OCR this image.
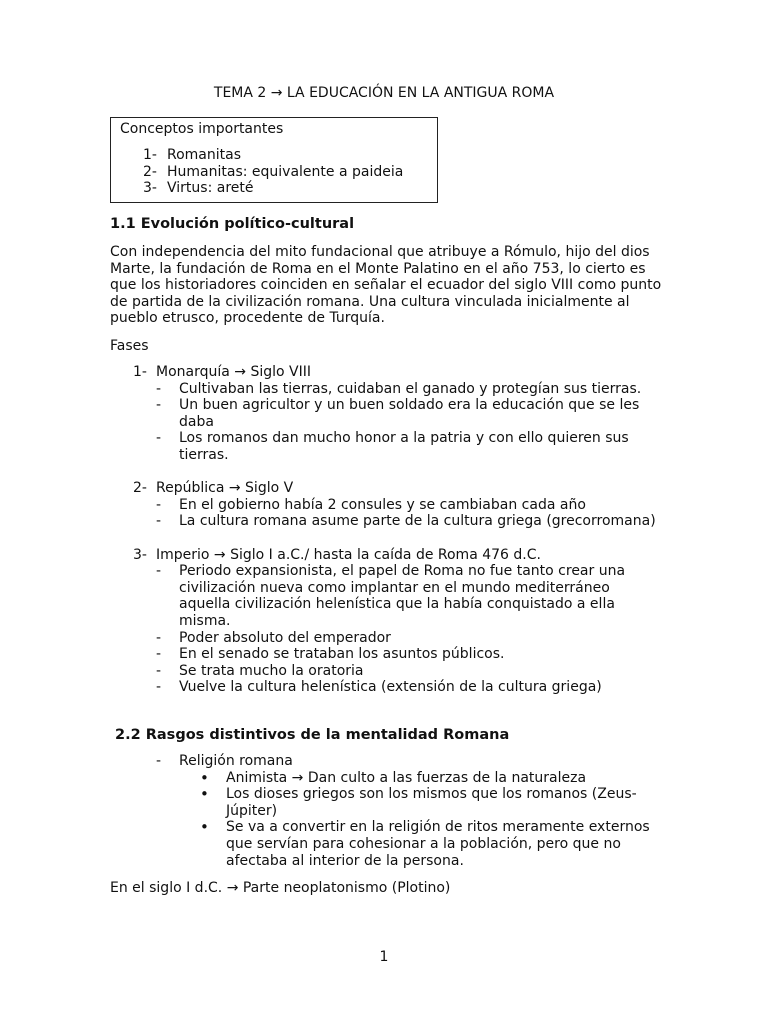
TEMA 2 → LA EDUCACIÓN EN LA ANTIGUA ROMA
Conceptos importantes
1- Romanitas
2- Humanitas: equivalente a paideia
3- Virtus: areté
1.1 Evolución político-cultural
Con independencia del mito fundacional que atribuye a Rómulo, hijo del dios Marte, la fundación de Roma en el Monte Palatino en el año 753, lo cierto es que los historiadores coinciden en señalar el ecuador del siglo VIII como punto de partida de la civilización romana. Una cultura vinculada inicialmente al pueblo etrusco, procedente de Turquía.
Fases
1- Monarquía → Siglo VIII
-	Cultivaban las tierras, cuidaban el ganado y protegían sus tierras.
-	Un buen agricultor y un buen soldado era la educación que se les daba
-	Los romanos dan mucho honor a la patria y con ello quieren sus tierras.
2- República → Siglo V
-	En el gobierno había 2 consules y se cambiaban cada año
-	La cultura romana asume parte de la cultura griega (grecorromana)
3- Imperio → Siglo I a.C./ hasta la caída de Roma 476 d.C.
-	Periodo expansionista, el papel de Roma no fue tanto crear una civilización nueva como implantar en el mundo mediterráneo aquella civilización helenística que la había conquistado a ella misma.
-	Poder absoluto del emperador
-	En el senado se trataban los asuntos públicos.
-	Se trata mucho la oratoria
-	Vuelve la cultura helenística (extensión de la cultura griega)
2.2 Rasgos distintivos de la mentalidad Romana
-	Religión romana
•	Animista → Dan culto a las fuerzas de la naturaleza
•	Los dioses griegos son los mismos que los romanos (Zeus-Júpiter)
•	Se va a convertir en la religión de ritos meramente externos que servían para cohesionar a la población, pero que no afectaba al interior de la persona.
En el siglo I d.C. → Parte neoplatonismo (Plotino)
1
